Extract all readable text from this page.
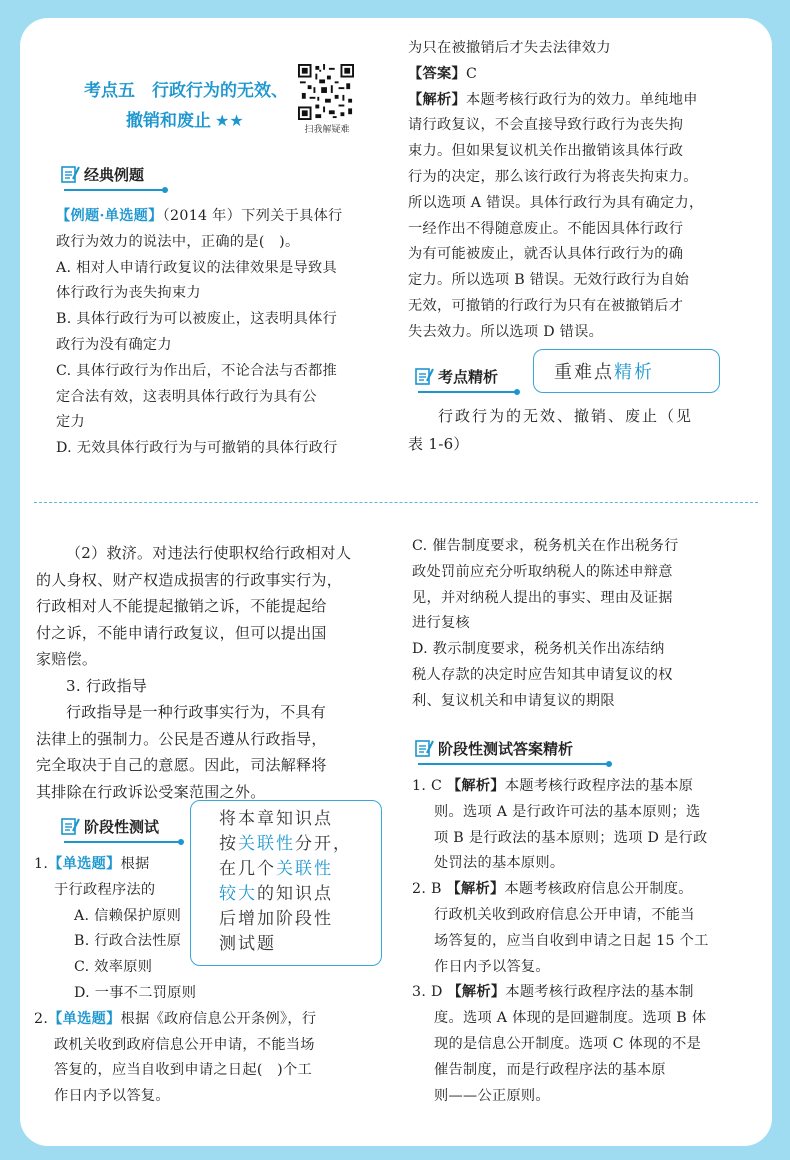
考点五　行政行为的无效、
撤销和废止 ★★	扫我解疑难
经典例题
【例题·单选题】（2014 年）下列关于具体行
政行为效力的说法中，正确的是(　)。
A. 相对人申请行政复议的法律效果是导致具
体行政行为丧失拘束力
B. 具体行政行为可以被废止，这表明具体行
政行为没有确定力
C. 具体行政行为作出后，不论合法与否都推
定合法有效，这表明具体行政行为具有公
定力
D. 无效具体行政行为与可撤销的具体行政行
为只在被撤销后才失去法律效力
【答案】C
【解析】本题考核行政行为的效力。单纯地申
请行政复议，不会直接导致行政行为丧失拘
束力。但如果复议机关作出撤销该具体行政
行为的决定，那么该行政行为将丧失拘束力。
所以选项 A 错误。具体行政行为具有确定力，
一经作出不得随意废止。不能因具体行政行
为有可能被废止，就否认具体行政行为的确
定力。所以选项 B 错误。无效行政行为自始
无效，可撤销的行政行为只有在被撤销后才
失去效力。所以选项 D 错误。
考点精析	重难点精析
行政行为的无效、撤销、废止（见
表 1-6）
（2）救济。对违法行使职权给行政相对人
的人身权、财产权造成损害的行政事实行为，
行政相对人不能提起撤销之诉，不能提起给
付之诉，不能申请行政复议，但可以提出国
家赔偿。
3. 行政指导
行政指导是一种行政事实行为，不具有
法律上的强制力。公民是否遵从行政指导，
完全取决于自己的意愿。因此，司法解释将
其排除在行政诉讼受案范围之外。
阶段性测试
1.【单选题】根据
于行政程序法的
A. 信赖保护原则
B. 行政合法性原
C. 效率原则
D. 一事不二罚原则
2.【单选题】根据《政府信息公开条例》，行
政机关收到政府信息公开申请，不能当场
答复的，应当自收到申请之日起(　)个工
作日内予以答复。
将本章知识点
按关联性分开，
在几个关联性
较大的知识点
后增加阶段性
测试题
C. 催告制度要求，税务机关在作出税务行
政处罚前应充分听取纳税人的陈述申辩意
见，并对纳税人提出的事实、理由及证据
进行复核
D. 教示制度要求，税务机关作出冻结纳
税人存款的决定时应告知其申请复议的权
利、复议机关和申请复议的期限
阶段性测试答案精析
1. C 【解析】本题考核行政程序法的基本原
则。选项 A 是行政许可法的基本原则；选
项 B 是行政法的基本原则；选项 D 是行政
处罚法的基本原则。
2. B 【解析】本题考核政府信息公开制度。
行政机关收到政府信息公开申请，不能当
场答复的，应当自收到申请之日起 15 个工
作日内予以答复。
3. D 【解析】本题考核行政程序法的基本制
度。选项 A 体现的是回避制度。选项 B 体
现的是信息公开制度。选项 C 体现的不是
催告制度，而是行政程序法的基本原
则——公正原则。
